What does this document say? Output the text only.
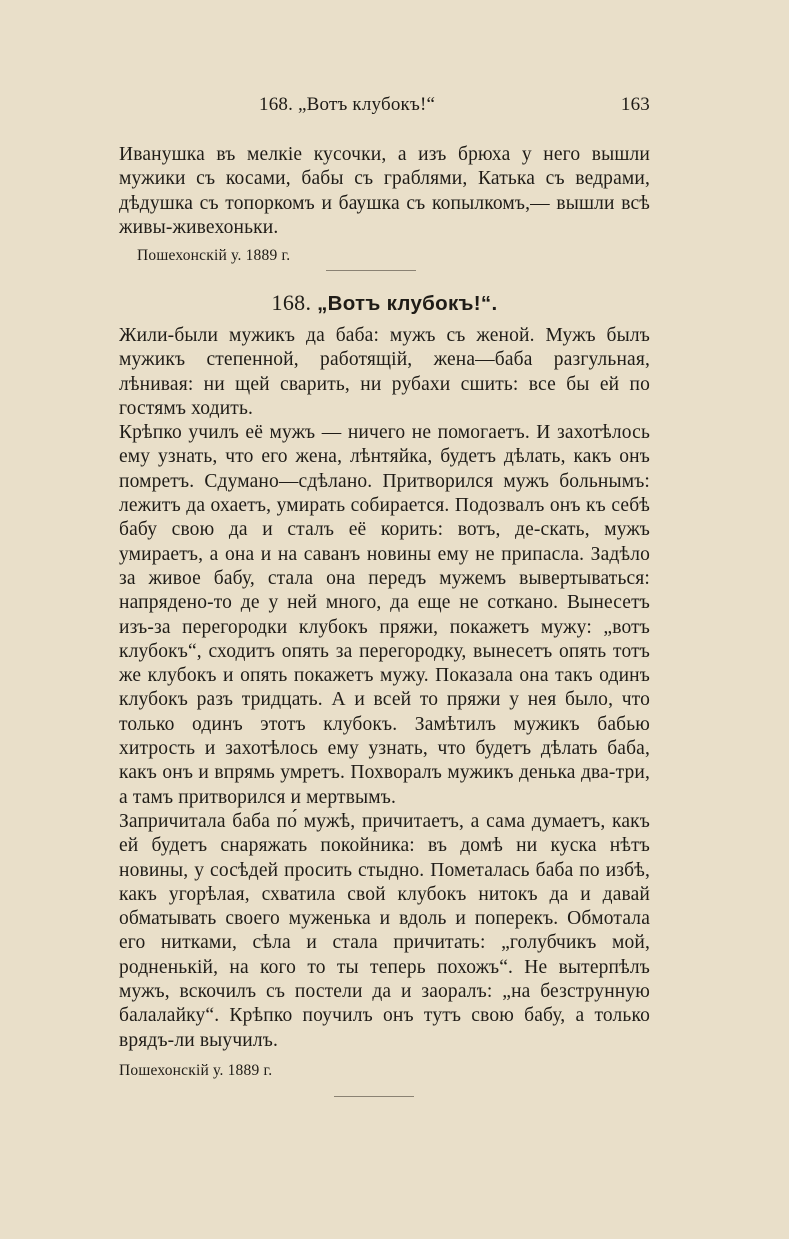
168. „Вотъ клубокъ!“	163

Иванушка въ мелкіе кусочки, а изъ брюха у него вышли мужики съ косами, бабы съ граблями, Катька съ ведрами, дѣдушка съ топоркомъ и баушка съ копылкомъ,— вышли всѣ живы-живехоньки.

Пошехонскій у. 1889 г.

168. „Вотъ клубокъ!“.

Жили-были мужикъ да баба: мужъ съ женой. Мужъ былъ мужикъ степенной, работящій, жена—баба разгульная, лѣнивая: ни щей сварить, ни рубахи сшить: все бы ей по гостямъ ходить.

Крѣпко училъ её мужъ — ничего не помогаетъ. И захотѣлось ему узнать, что его жена, лѣнтяйка, будетъ дѣлать, какъ онъ помретъ. Сдумано—сдѣлано. Притворился мужъ больнымъ: лежитъ да охаетъ, умирать собирается. Подозвалъ онъ къ себѣ бабу свою да и сталъ её корить: вотъ, де-скать, мужъ умираетъ, а она и на саванъ новины ему не припасла. Задѣло за живое бабу, стала она передъ мужемъ вывертываться: напрядено-то де у ней много, да еще не соткано. Вынесетъ изъ-за перегородки клубокъ пряжи, покажетъ мужу: „вотъ клубокъ“, сходитъ опять за перегородку, вынесетъ опять тотъ же клубокъ и опять покажетъ мужу. Показала она такъ одинъ клубокъ разъ тридцать. А и всей то пряжи у нея было, что только одинъ этотъ клубокъ. Замѣтилъ мужикъ бабью хитрость и захотѣлось ему узнать, что будетъ дѣлать баба, какъ онъ и впрямь умретъ. Похворалъ мужикъ денька два-три, а тамъ притворился и мертвымъ.

Запричитала баба по́ мужѣ, причитаетъ, а сама думаетъ, какъ ей будетъ снаряжать покойника: въ домѣ ни куска нѣтъ новины, у сосѣдей просить стыдно. Пометалась баба по избѣ, какъ угорѣлая, схватила свой клубокъ нитокъ да и давай обматывать своего муженька и вдоль и поперекъ. Обмотала его нитками, сѣла и стала причитать: „голубчикъ мой, родненькій, на кого то ты теперь похожъ“. Не вытерпѣлъ мужъ, вскочилъ съ постели да и заоралъ: „на безструнную балалайку“. Крѣпко поучилъ онъ тутъ свою бабу, а только врядъ-ли выучилъ.

Пошехонскій у. 1889 г.
